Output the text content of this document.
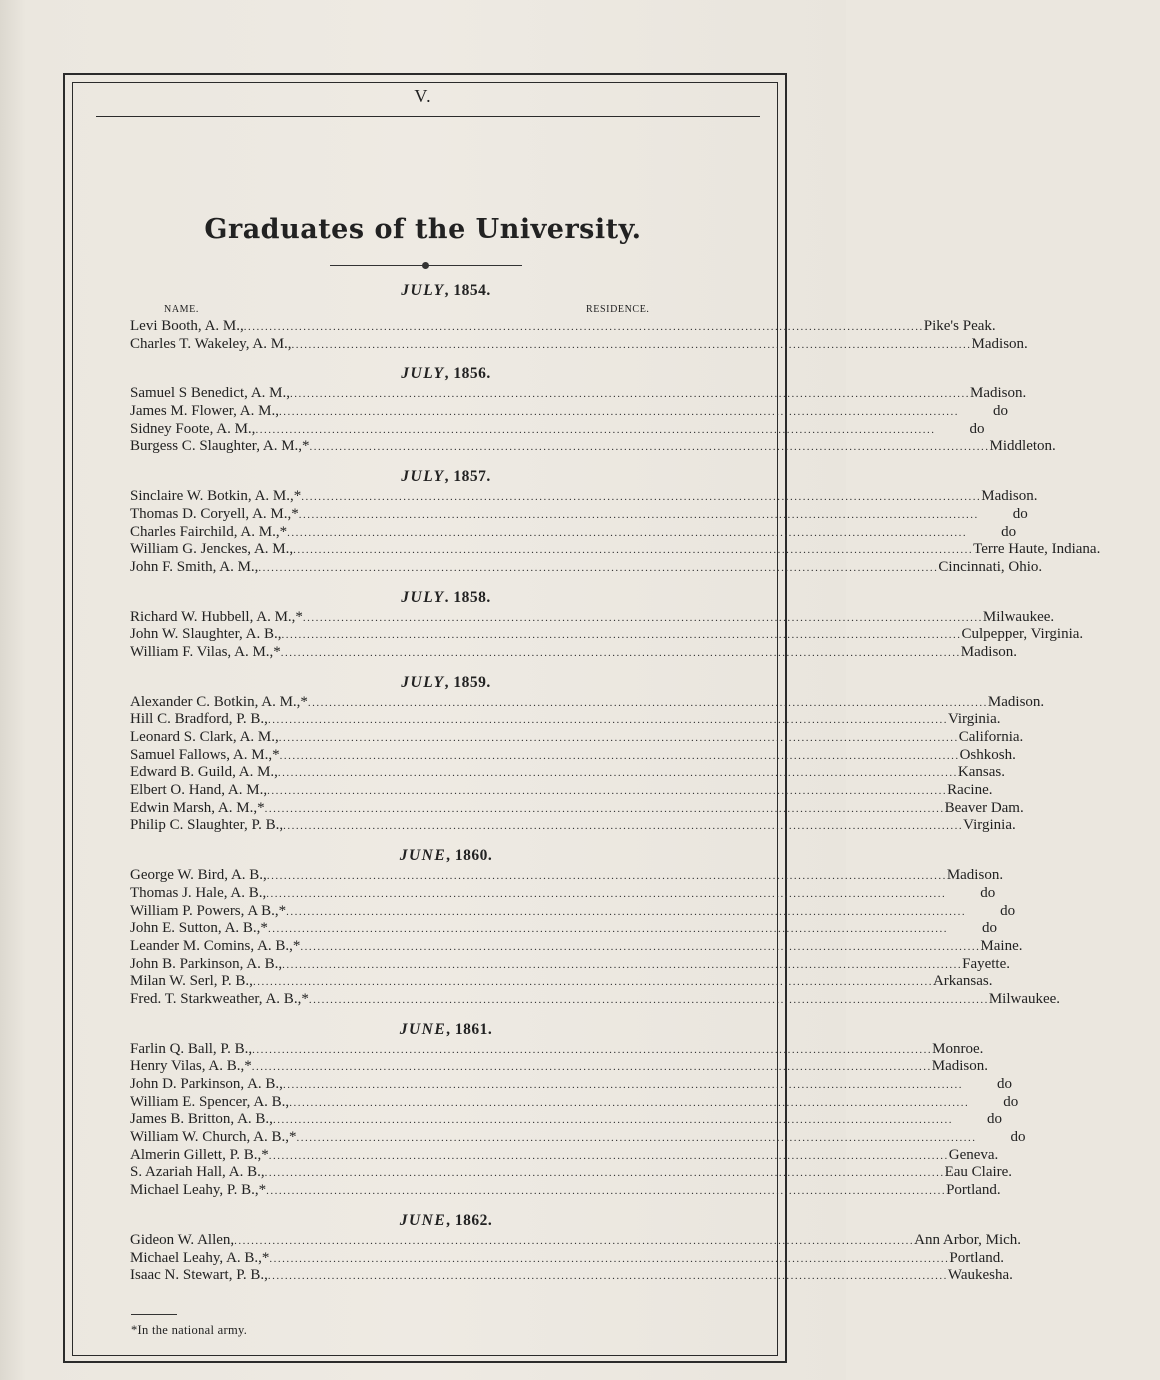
V.
Graduates of the University.
JULY, 1854.
NAME.	RESIDENCE.
Levi Booth, A. M., ................................................................................................................................................................ Pike's Peak.
Charles T. Wakeley, A. M., ................................................................................................................................................................ Madison.
JULY, 1856.
Samuel S Benedict, A. M., ................................................................................................................................................................ Madison.
James M. Flower, A. M., ................................................................................................................................................................	do
Sidney Foote, A. M., ................................................................................................................................................................	do
Burgess C. Slaughter, A. M.,* ................................................................................................................................................................ Middleton.
JULY, 1857.
Sinclaire W. Botkin, A. M.,* ................................................................................................................................................................ Madison.
Thomas D. Coryell, A. M.,* ................................................................................................................................................................	do
Charles Fairchild, A. M.,* ................................................................................................................................................................	do
William G. Jenckes, A. M., ................................................................................................................................................................ Terre Haute, Indiana.
John F. Smith, A. M., ................................................................................................................................................................ Cincinnati, Ohio.
JULY. 1858.
Richard W. Hubbell, A. M.,* ................................................................................................................................................................ Milwaukee.
John W. Slaughter, A. B., ................................................................................................................................................................ Culpepper, Virginia.
William F. Vilas, A. M.,* ................................................................................................................................................................ Madison.
JULY, 1859.
Alexander C. Botkin, A. M.,* ................................................................................................................................................................ Madison.
Hill C. Bradford, P. B., ................................................................................................................................................................ Virginia.
Leonard S. Clark, A. M., ................................................................................................................................................................ California.
Samuel Fallows, A. M.,* ................................................................................................................................................................ Oshkosh.
Edward B. Guild, A. M., ................................................................................................................................................................ Kansas.
Elbert O. Hand, A. M., ................................................................................................................................................................ Racine.
Edwin Marsh, A. M.,* ................................................................................................................................................................ Beaver Dam.
Philip C. Slaughter, P. B., ................................................................................................................................................................ Virginia.
JUNE, 1860.
George W. Bird, A. B., ................................................................................................................................................................ Madison.
Thomas J. Hale, A. B., ................................................................................................................................................................	do
William P. Powers, A B.,* ................................................................................................................................................................	do
John E. Sutton, A. B.,* ................................................................................................................................................................	do
Leander M. Comins, A. B.,* ................................................................................................................................................................ Maine.
John B. Parkinson, A. B., ................................................................................................................................................................ Fayette.
Milan W. Serl, P. B., ................................................................................................................................................................ Arkansas.
Fred. T. Starkweather, A. B.,* ................................................................................................................................................................ Milwaukee.
JUNE, 1861.
Farlin Q. Ball, P. B., ................................................................................................................................................................ Monroe.
Henry Vilas, A. B.,* ................................................................................................................................................................ Madison.
John D. Parkinson, A. B., ................................................................................................................................................................	do
William E. Spencer, A. B., ................................................................................................................................................................	do
James B. Britton, A. B., ................................................................................................................................................................	do
William W. Church, A. B.,* ................................................................................................................................................................	do
Almerin Gillett, P. B.,* ................................................................................................................................................................ Geneva.
S. Azariah Hall, A. B., ................................................................................................................................................................ Eau Claire.
Michael Leahy, P. B.,* ................................................................................................................................................................ Portland.
JUNE, 1862.
Gideon W. Allen, ................................................................................................................................................................ Ann Arbor, Mich.
Michael Leahy, A. B.,* ................................................................................................................................................................ Portland.
Isaac N. Stewart, P. B., ................................................................................................................................................................ Waukesha.
*In the national army.
